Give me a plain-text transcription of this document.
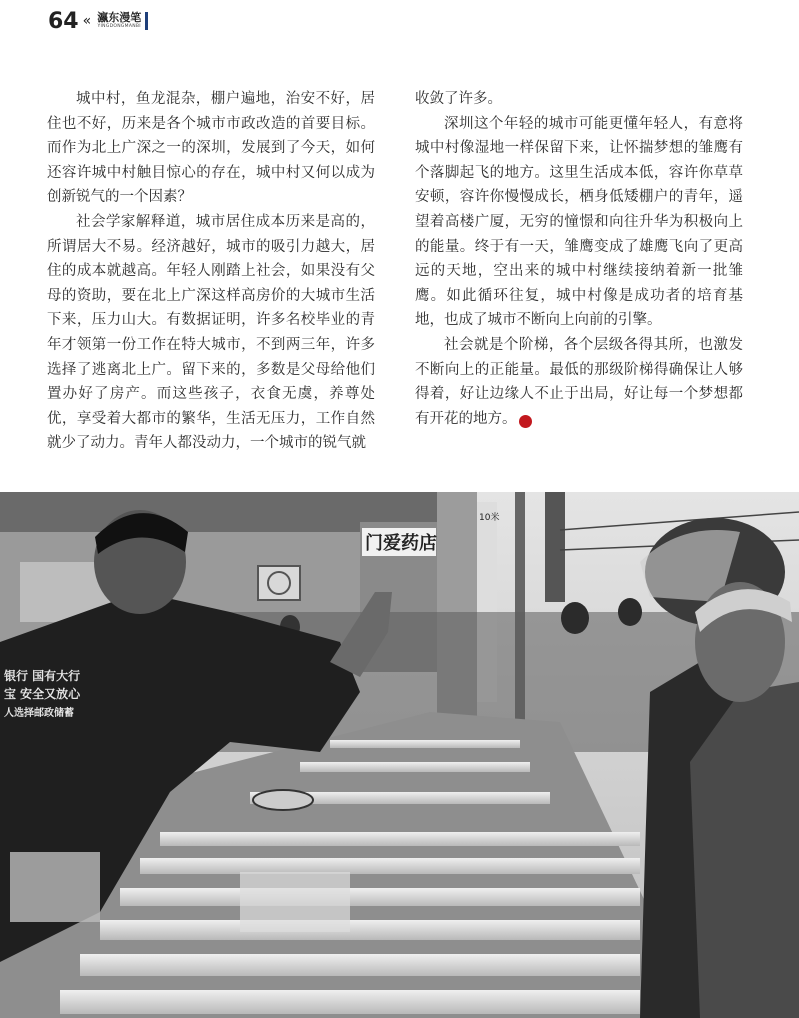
64 « 瀛东漫笔
YINGDONGMANBI

城中村，鱼龙混杂，棚户遍地，治安不好，居住也不好，历来是各个城市市政改造的首要目标。而作为北上广深之一的深圳，发展到了今天，如何还容许城中村触目惊心的存在，城中村又何以成为创新锐气的一个因素？

社会学家解释道，城市居住成本历来是高的，所谓居大不易。经济越好，城市的吸引力越大，居住的成本就越高。年轻人刚踏上社会，如果没有父母的资助，要在北上广深这样高房价的大城市生活下来，压力山大。有数据证明，许多名校毕业的青年才领第一份工作在特大城市，不到两三年，许多选择了逃离北上广。留下来的，多数是父母给他们置办好了房产。而这些孩子，衣食无虞，养尊处优，享受着大都市的繁华，生活无压力，工作自然就少了动力。青年人都没动力，一个城市的锐气就

收敛了许多。

深圳这个年轻的城市可能更懂年轻人，有意将城中村像湿地一样保留下来，让怀揣梦想的雏鹰有个落脚起飞的地方。这里生活成本低，容许你草草安顿，容许你慢慢成长，栖身低矮棚户的青年，遥望着高楼广厦，无穷的憧憬和向往升华为积极向上的能量。终于有一天，雏鹰变成了雄鹰飞向了更高远的天地，空出来的城中村继续接纳着新一批雏鹰。如此循环往复，城中村像是成功者的培育基地，也成了城市不断向上向前的引擎。

社会就是个阶梯，各个层级各得其所，也激发不断向上的正能量。最低的那级阶梯得确保让人够得着，好让边缘人不止于出局，好让每一个梦想都有开花的地方。	瀛

门爱药店
10米
银行 国有大行
宝 安全又放心
人选择邮政储蓄
